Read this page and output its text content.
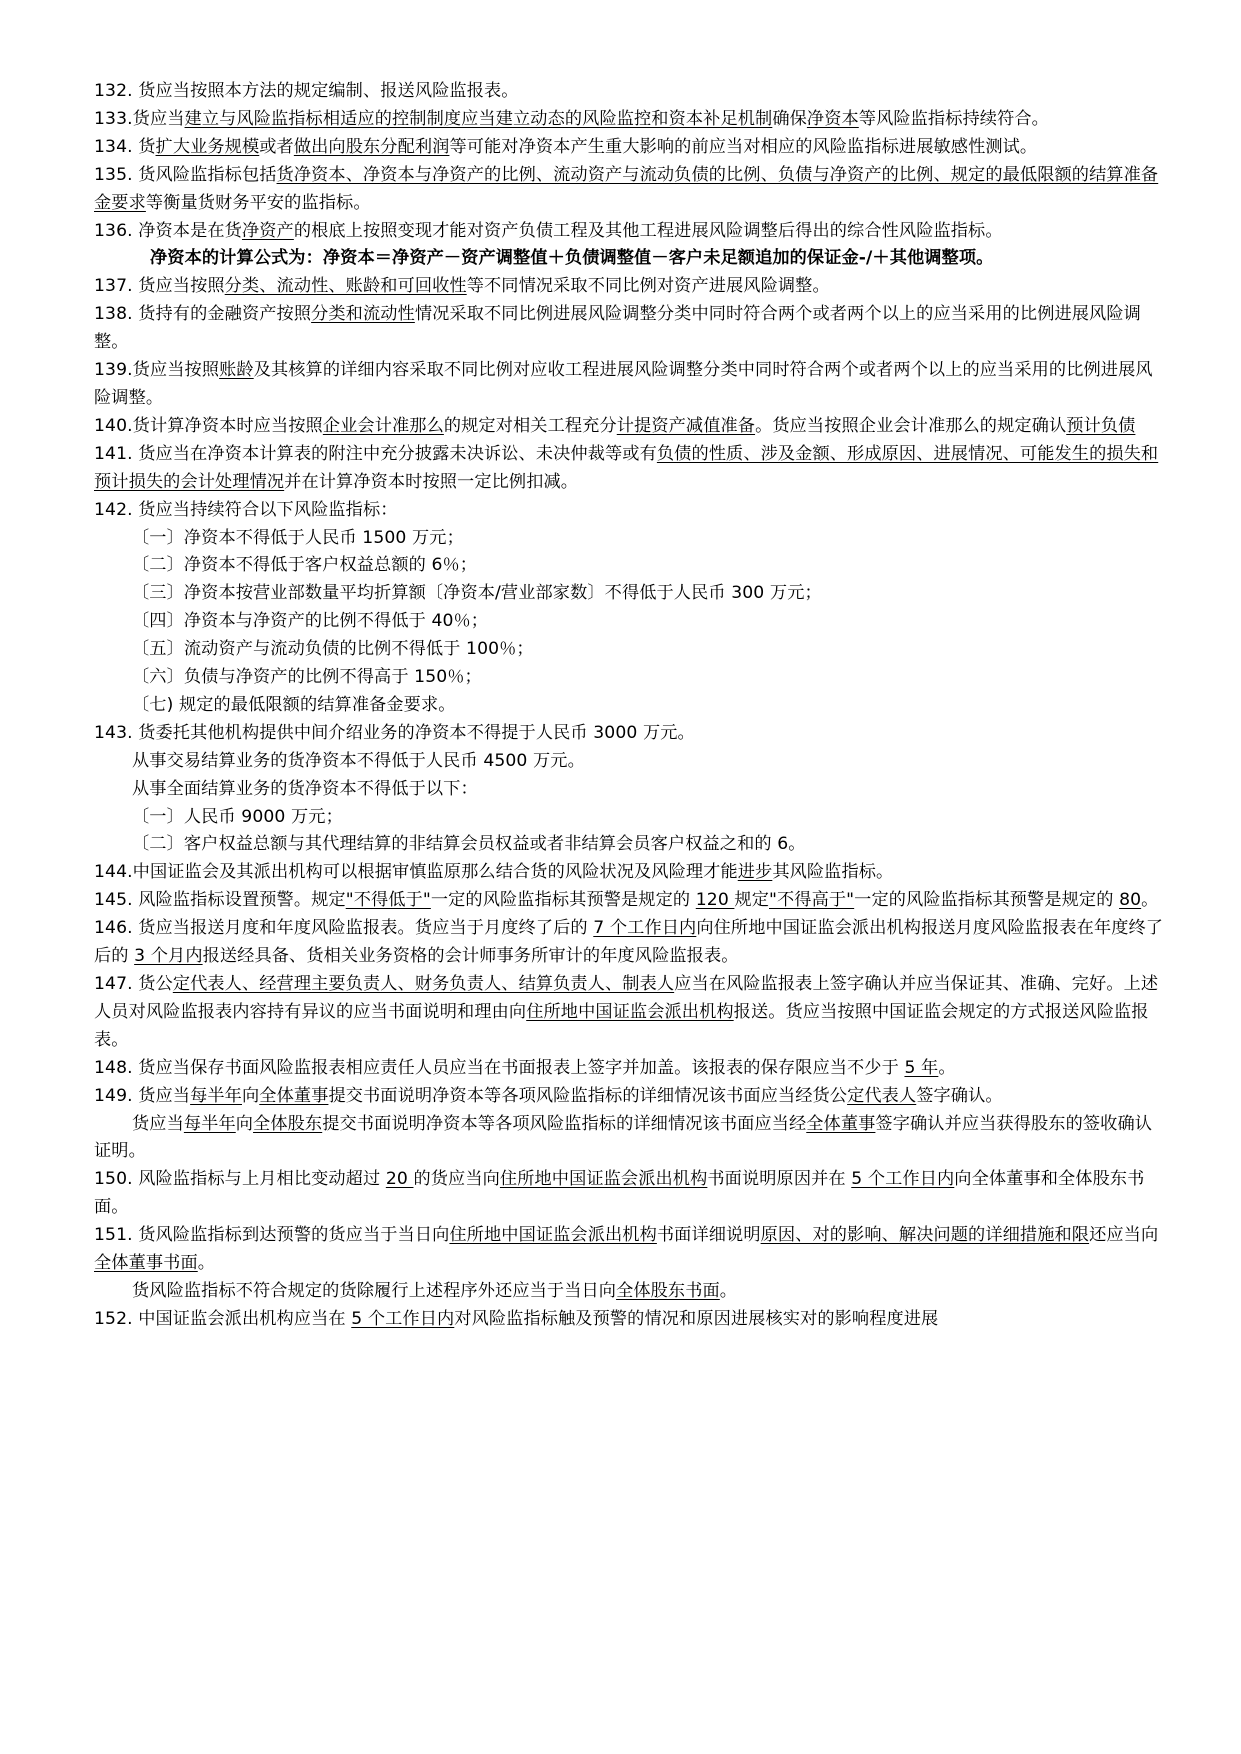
132. 货应当按照本方法的规定编制、报送风险监报表。

133.货应当建立与风险监指标相适应的控制制度应当建立动态的风险监控和资本补足机制确保净资本等风险监指标持续符合。

134. 货扩大业务规模或者做出向股东分配利润等可能对净资本产生重大影响的前应当对相应的风险监指标进展敏感性测试。

135. 货风险监指标包括货净资本、净资本与净资产的比例、流动资产与流动负债的比例、负债与净资产的比例、规定的最低限额的结算准备金要求等衡量货财务平安的监指标。

136. 净资本是在货净资产的根底上按照变现才能对资产负债工程及其他工程进展风险调整后得出的综合性风险监指标。

净资本的计算公式为：净资本＝净资产－资产调整值＋负债调整值－客户未足额追加的保证金-/＋其他调整项。

137. 货应当按照分类、流动性、账龄和可回收性等不同情况采取不同比例对资产进展风险调整。

138. 货持有的金融资产按照分类和流动性情况采取不同比例进展风险调整分类中同时符合两个或者两个以上的应当采用的比例进展风险调整。

139.货应当按照账龄及其核算的详细内容采取不同比例对应收工程进展风险调整分类中同时符合两个或者两个以上的应当采用的比例进展风险调整。

140.货计算净资本时应当按照企业会计准那么的规定对相关工程充分计提资产减值准备。货应当按照企业会计准那么的规定确认预计负债

141. 货应当在净资本计算表的附注中充分披露未决诉讼、未决仲裁等或有负债的性质、涉及金额、形成原因、进展情况、可能发生的损失和预计损失的会计处理情况并在计算净资本时按照一定比例扣减。

142. 货应当持续符合以下风险监指标：

〔一〕净资本不得低于人民币 1500 万元；

〔二〕净资本不得低于客户权益总额的 6％；

〔三〕净资本按营业部数量平均折算额〔净资本/营业部家数〕不得低于人民币 300 万元；

〔四〕净资本与净资产的比例不得低于 40％；

〔五〕流动资产与流动负债的比例不得低于 100％；

〔六〕负债与净资产的比例不得高于 150％；

〔七) 规定的最低限额的结算准备金要求。

143. 货委托其他机构提供中间介绍业务的净资本不得提于人民币 3000 万元。

从事交易结算业务的货净资本不得低于人民币 4500 万元。

从事全面结算业务的货净资本不得低于以下：

〔一〕人民币 9000 万元；

〔二〕客户权益总额与其代理结算的非结算会员权益或者非结算会员客户权益之和的 6。

144.中国证监会及其派出机构可以根据审慎监原那么结合货的风险状况及风险理才能进步其风险监指标。

145. 风险监指标设置预警。规定"不得低于"一定的风险监指标其预警是规定的 120 规定"不得高于"一定的风险监指标其预警是规定的 80。

146. 货应当报送月度和年度风险监报表。货应当于月度终了后的 7 个工作日内向住所地中国证监会派出机构报送月度风险监报表在年度终了后的 3 个月内报送经具备、货相关业务资格的会计师事务所审计的年度风险监报表。

147. 货公定代表人、经营理主要负责人、财务负责人、结算负责人、制表人应当在风险监报表上签字确认并应当保证其、准确、完好。上述人员对风险监报表内容持有异议的应当书面说明和理由向住所地中国证监会派出机构报送。货应当按照中国证监会规定的方式报送风险监报表。

148. 货应当保存书面风险监报表相应责任人员应当在书面报表上签字并加盖。该报表的保存限应当不少于 5 年。

149. 货应当每半年向全体董事提交书面说明净资本等各项风险监指标的详细情况该书面应当经货公定代表人签字确认。

货应当每半年向全体股东提交书面说明净资本等各项风险监指标的详细情况该书面应当经全体董事签字确认并应当获得股东的签收确认证明。

150. 风险监指标与上月相比变动超过 20 的货应当向住所地中国证监会派出机构书面说明原因并在 5 个工作日内向全体董事和全体股东书面。

151. 货风险监指标到达预警的货应当于当日向住所地中国证监会派出机构书面详细说明原因、对的影响、解决问题的详细措施和限还应当向全体董事书面。

货风险监指标不符合规定的货除履行上述程序外还应当于当日向全体股东书面。

152. 中国证监会派出机构应当在 5 个工作日内对风险监指标触及预警的情况和原因进展核实对的影响程度进展
